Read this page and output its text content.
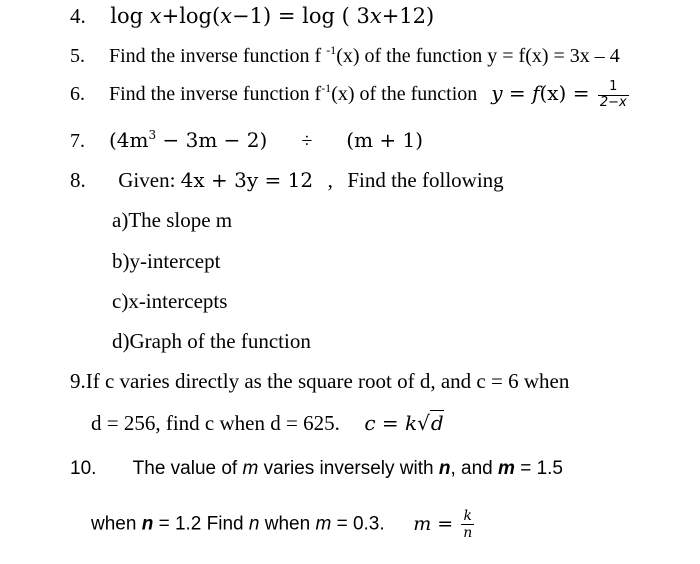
4. log x+log(x−1) = log ( 3x+12)
5. Find the inverse function f $^{-1}$(x) of the function y = f(x) = 3x – 4
6. Find the inverse function $f^{-1}(x)$ of the function $y = f(x) = \frac{1}{2-x}$
7. $(4m^3 - 3m - 2) \div (m + 1)$
8. Given: 4x + 3y = 12 , Find the following
a)The slope m
b)y-intercept
c)x-intercepts
d)Graph of the function
9.If c varies directly as the square root of d, and c = 6 when
d = 256, find c when d = 625. c = k√d
10. The value of m varies inversely with n, and m = 1.5
when n = 1.2 Find n when m = 0.3. $m = \frac{k}{n}$
